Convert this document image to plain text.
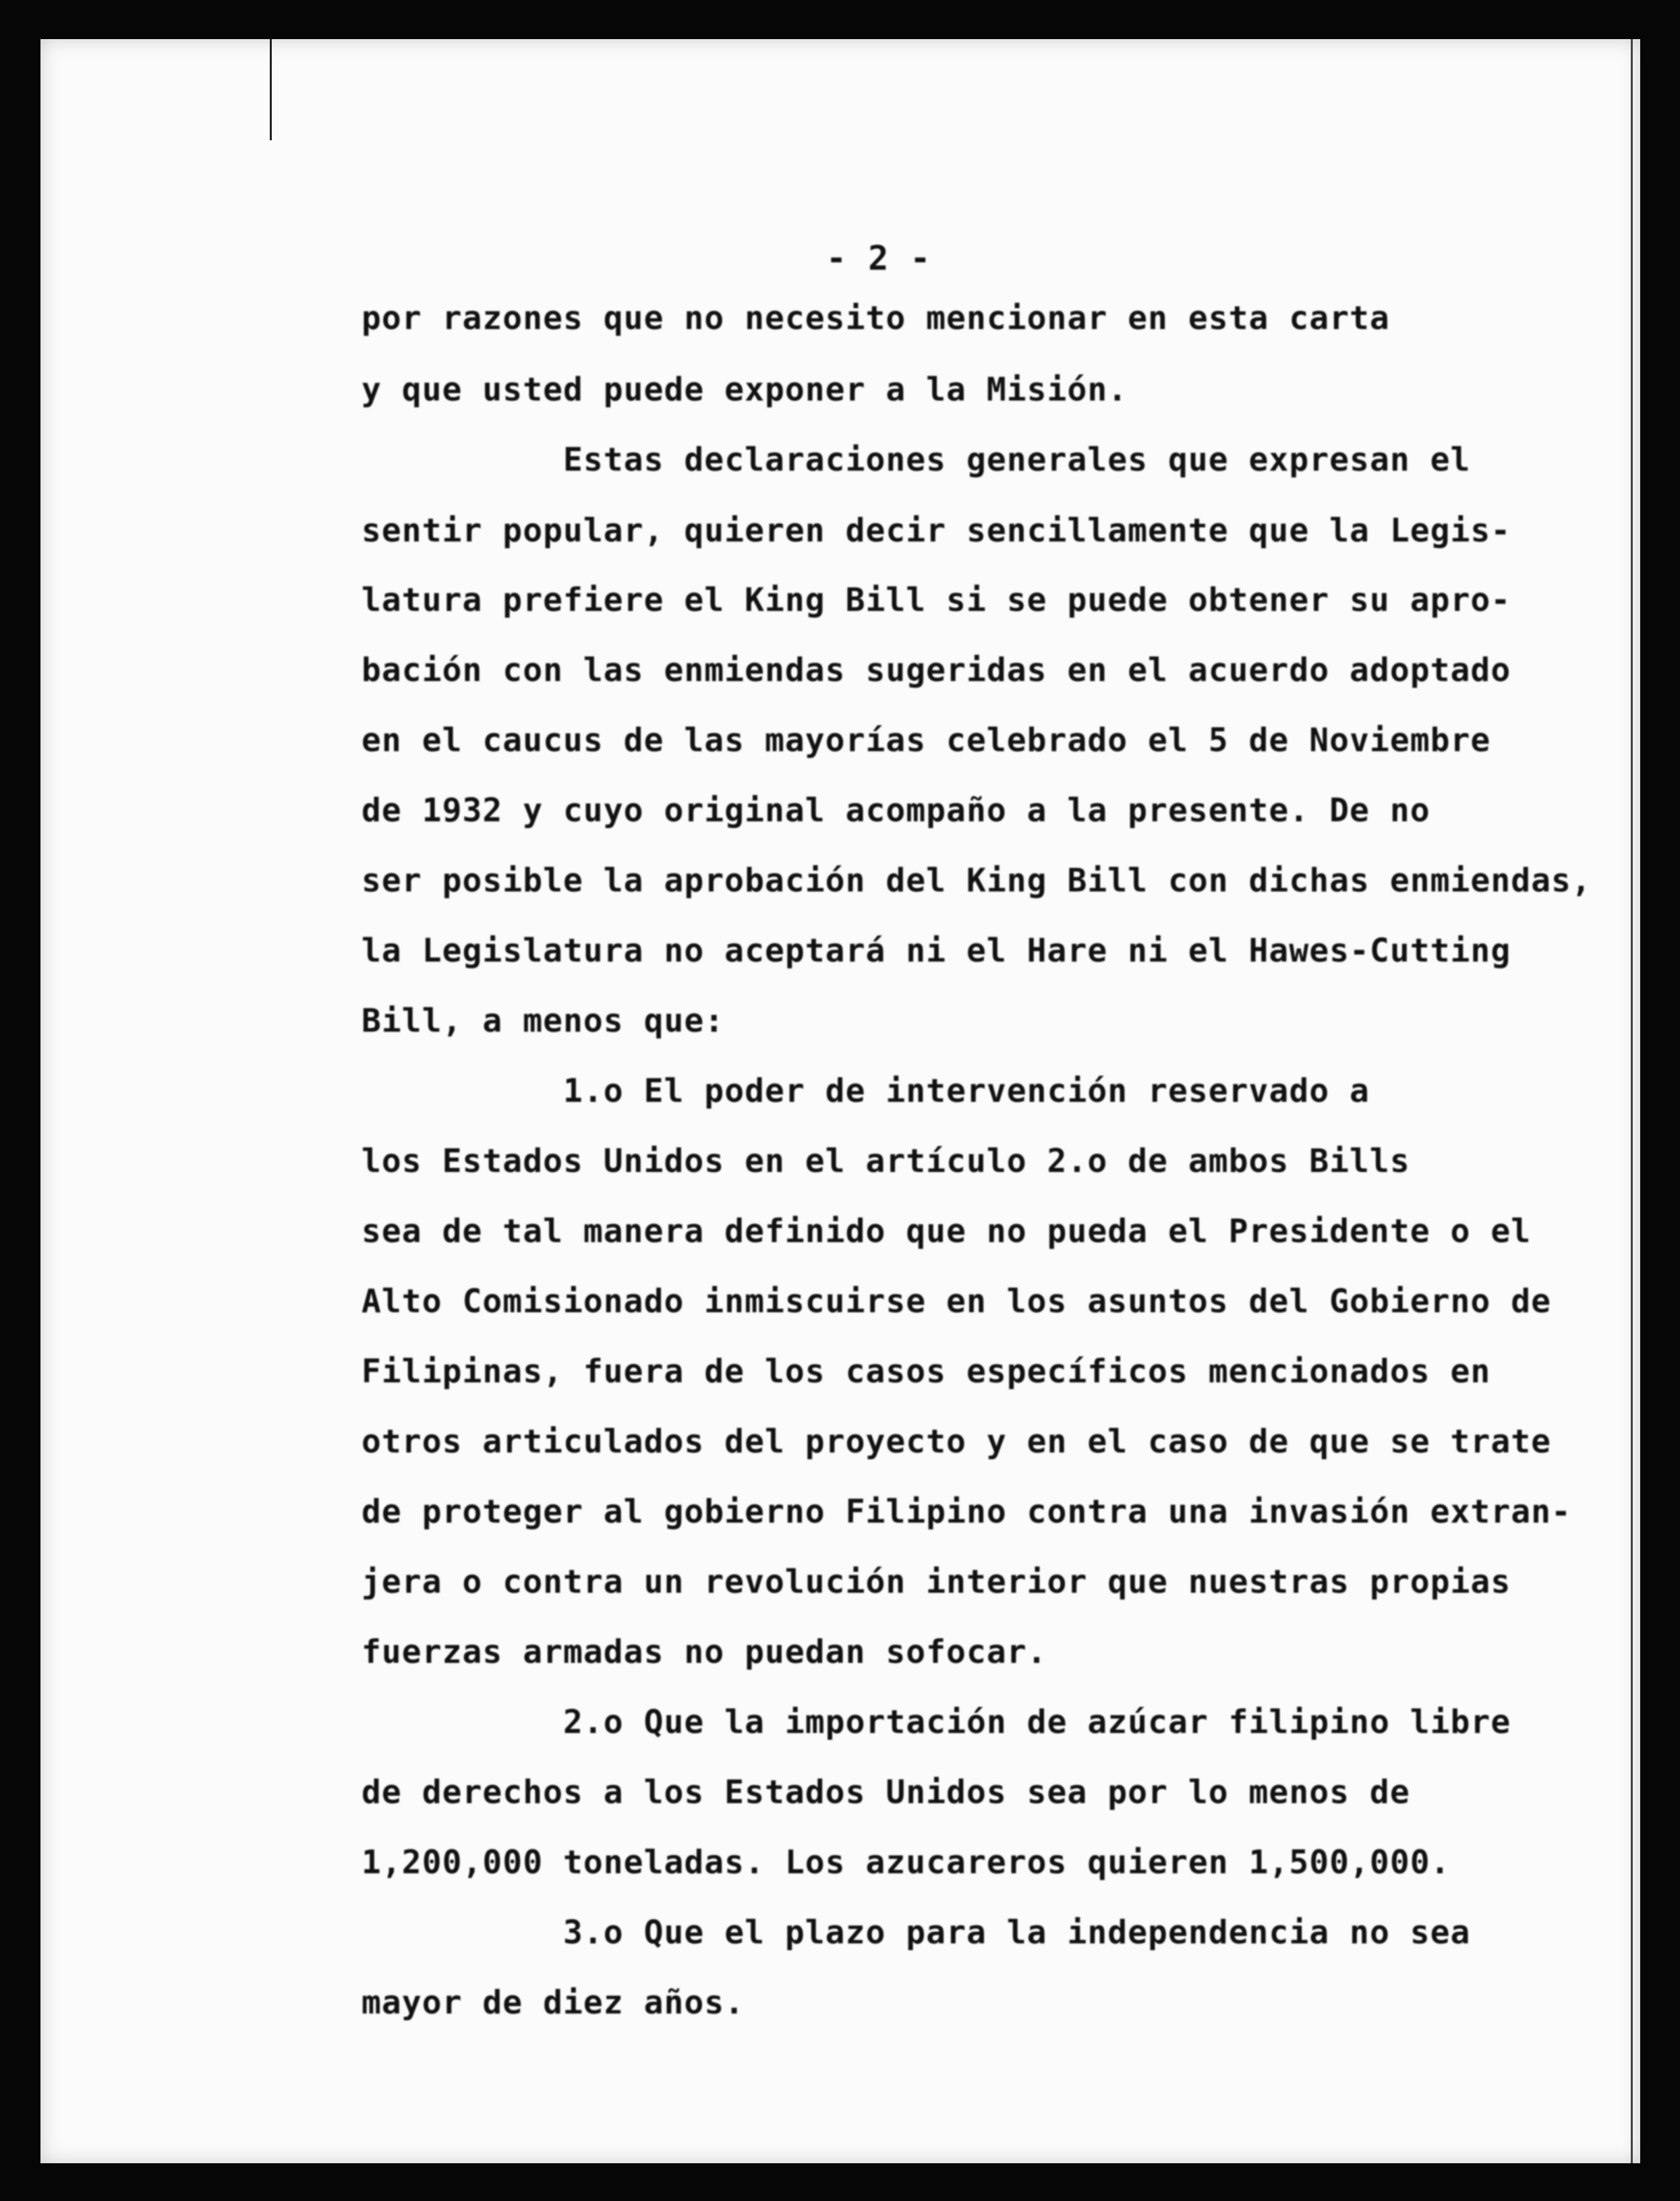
- 2 -
por razones que no necesito mencionar en esta carta
y que usted puede exponer a la Misión.
Estas declaraciones generales que expresan el
sentir popular, quieren decir sencillamente que la Legis-
latura prefiere el King Bill si se puede obtener su apro-
bación con las enmiendas sugeridas en el acuerdo adoptado
en el caucus de las mayorías celebrado el 5 de Noviembre
de 1932 y cuyo original acompaño a la presente. De no
ser posible la aprobación del King Bill con dichas enmiendas,
la Legislatura no aceptará ni el Hare ni el Hawes-Cutting
Bill, a menos que:
1.o El poder de intervención reservado a
los Estados Unidos en el artículo 2.o de ambos Bills
sea de tal manera definido que no pueda el Presidente o el
Alto Comisionado inmiscuirse en los asuntos del Gobierno de
Filipinas, fuera de los casos específicos mencionados en
otros articulados del proyecto y en el caso de que se trate
de proteger al gobierno Filipino contra una invasión extran-
jera o contra un revolución interior que nuestras propias
fuerzas armadas no puedan sofocar.
2.o Que la importación de azúcar filipino libre
de derechos a los Estados Unidos sea por lo menos de
1,200,000 toneladas. Los azucareros quieren 1,500,000.
3.o Que el plazo para la independencia no sea
mayor de diez años.
